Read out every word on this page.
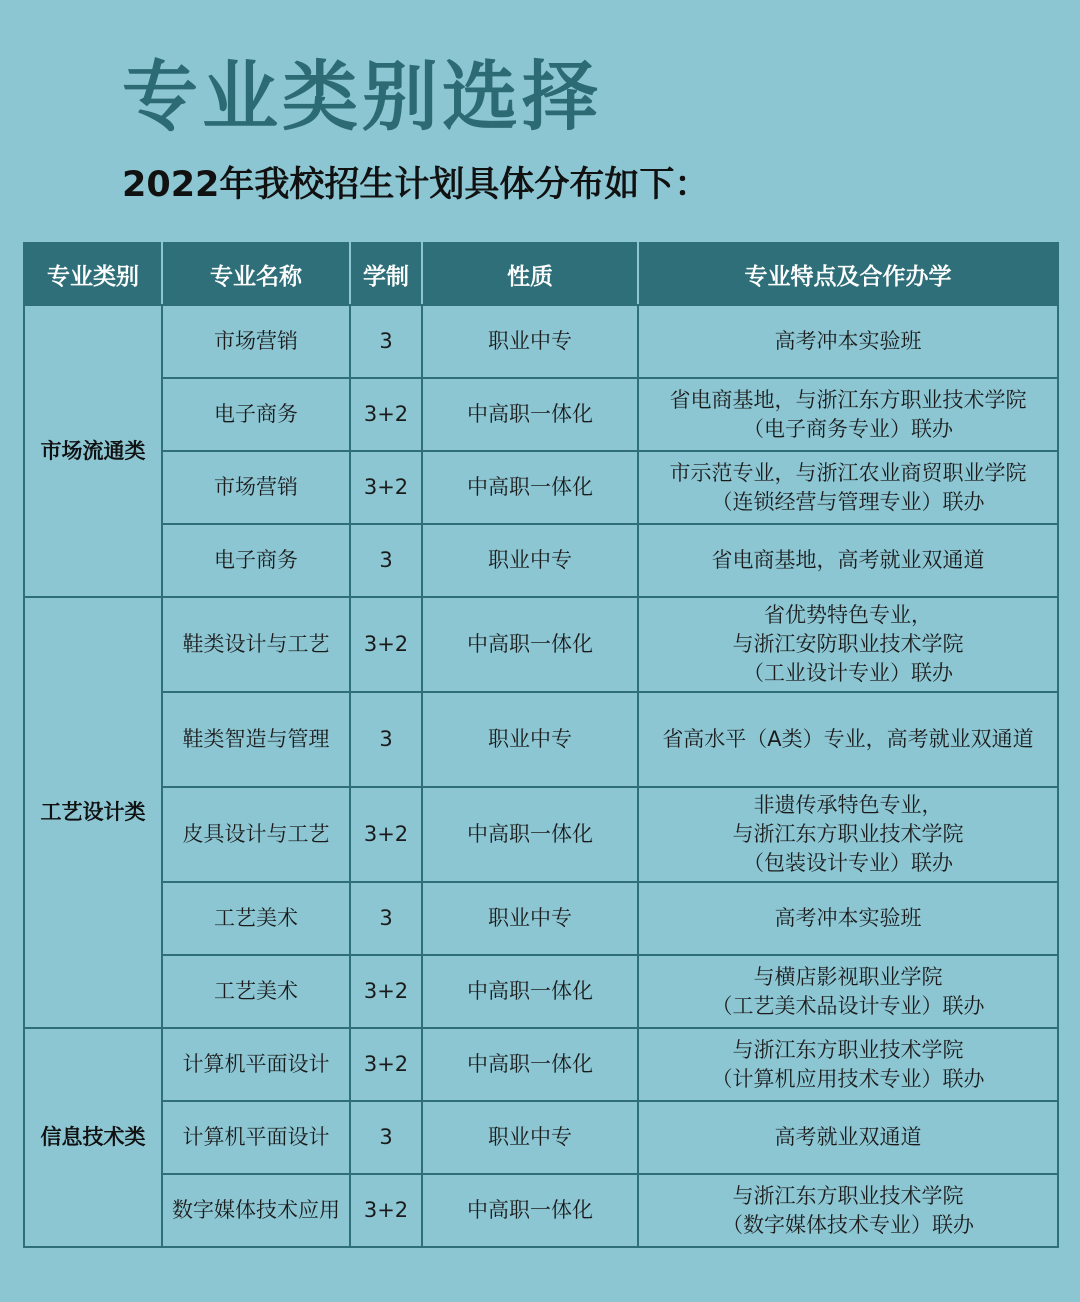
专业类别选择
2022年我校招生计划具体分布如下：
专业类别	专业名称	学制	性质	专业特点及合作办学
市场流通类	市场营销	3	职业中专	高考冲本实验班
	电子商务	3+2	中高职一体化	省电商基地，与浙江东方职业技术学院
（电子商务专业）联办
	市场营销	3+2	中高职一体化	市示范专业，与浙江农业商贸职业学院
（连锁经营与管理专业）联办
	电子商务	3	职业中专	省电商基地，高考就业双通道
工艺设计类	鞋类设计与工艺	3+2	中高职一体化	省优势特色专业，
与浙江安防职业技术学院
（工业设计专业）联办
	鞋类智造与管理	3	职业中专	省高水平（A类）专业，高考就业双通道
	皮具设计与工艺	3+2	中高职一体化	非遗传承特色专业，
与浙江东方职业技术学院
（包装设计专业）联办
	工艺美术	3	职业中专	高考冲本实验班
	工艺美术	3+2	中高职一体化	与横店影视职业学院
（工艺美术品设计专业）联办
信息技术类	计算机平面设计	3+2	中高职一体化	与浙江东方职业技术学院
（计算机应用技术专业）联办
	计算机平面设计	3	职业中专	高考就业双通道
	数字媒体技术应用	3+2	中高职一体化	与浙江东方职业技术学院
（数字媒体技术专业）联办
